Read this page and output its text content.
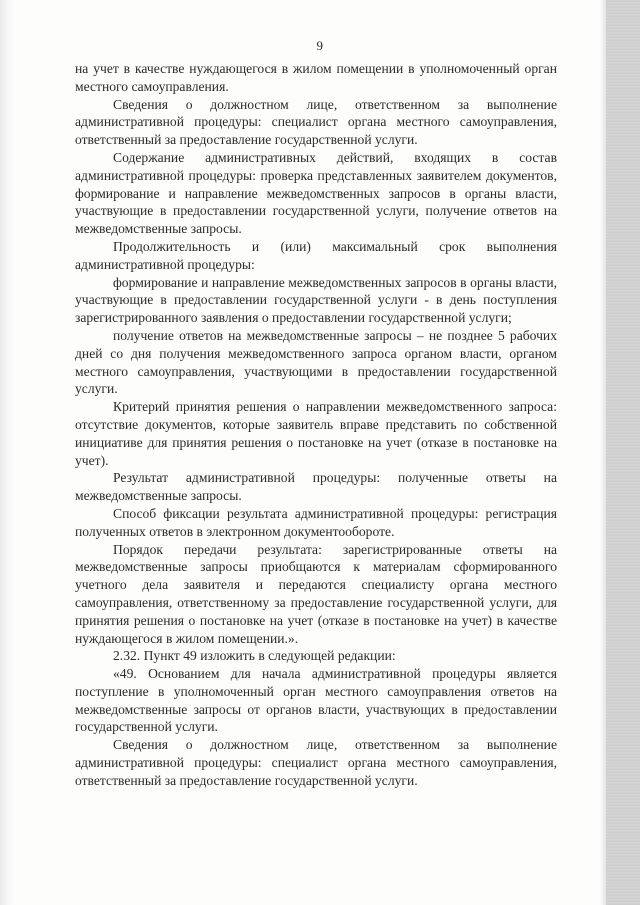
9

на учет в качестве нуждающегося в жилом помещении в уполномоченный орган местного самоуправления.

Сведения о должностном лице, ответственном за выполнение административной процедуры: специалист органа местного самоуправления, ответственный за предоставление государственной услуги.

Содержание административных действий, входящих в состав административной процедуры: проверка представленных заявителем документов, формирование и направление межведомственных запросов в органы власти, участвующие в предоставлении государственной услуги, получение ответов на межведомственные запросы.

Продолжительность и (или) максимальный срок выполнения административной процедуры:

формирование и направление межведомственных запросов в органы власти, участвующие в предоставлении государственной услуги - в день поступления зарегистрированного заявления о предоставлении государственной услуги;

получение ответов на межведомственные запросы – не позднее 5 рабочих дней со дня получения межведомственного запроса органом власти, органом местного самоуправления, участвующими в предоставлении государственной услуги.

Критерий принятия решения о направлении межведомственного запроса: отсутствие документов, которые заявитель вправе представить по собственной инициативе для принятия решения о постановке на учет (отказе в постановке на учет).

Результат административной процедуры: полученные ответы на межведомственные запросы.

Способ фиксации результата административной процедуры: регистрация полученных ответов в электронном документообороте.

Порядок передачи результата: зарегистрированные ответы на межведомственные запросы приобщаются к материалам сформированного учетного дела заявителя и передаются специалисту органа местного самоуправления, ответственному за предоставление государственной услуги, для принятия решения о постановке на учет (отказе в постановке на учет) в качестве нуждающегося в жилом помещении.».

2.32. Пункт 49 изложить в следующей редакции:

«49. Основанием для начала административной процедуры является поступление в уполномоченный орган местного самоуправления ответов на межведомственные запросы от органов власти, участвующих в предоставлении государственной услуги.

Сведения о должностном лице, ответственном за выполнение административной процедуры: специалист органа местного самоуправления, ответственный за предоставление государственной услуги.
